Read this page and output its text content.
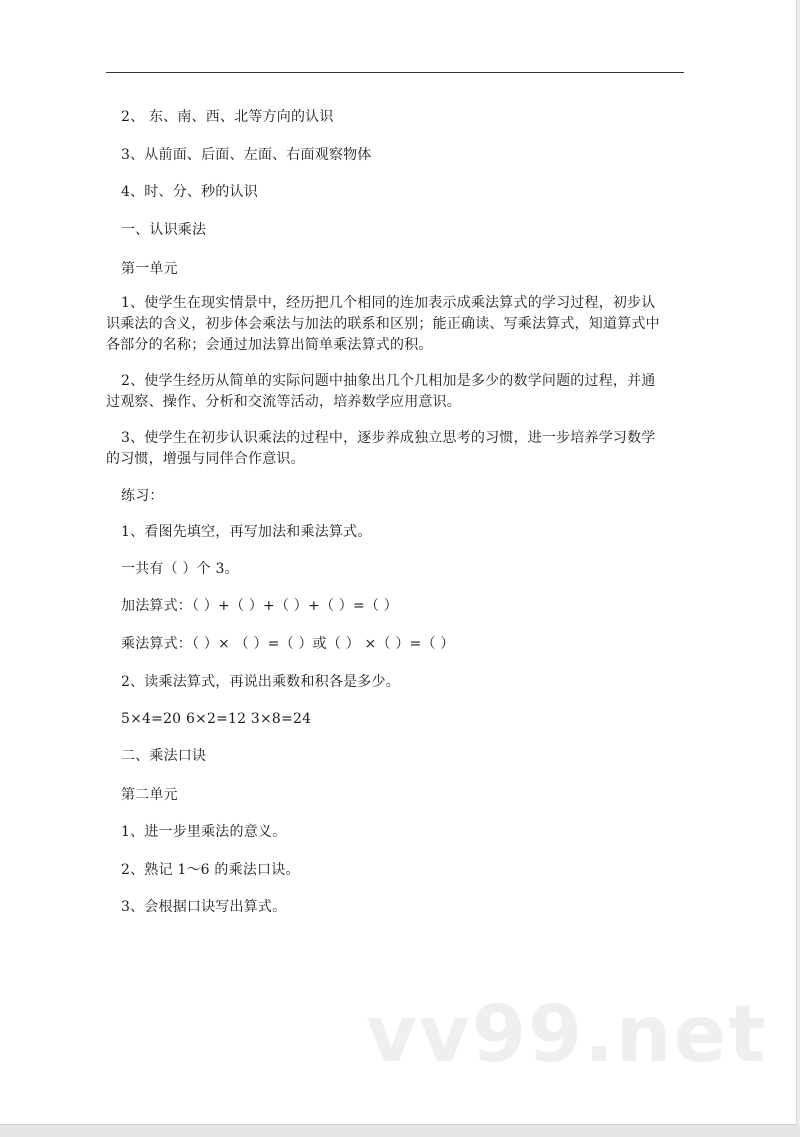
2、 东、南、西、北等方向的认识
3、从前面、后面、左面、右面观察物体
4、时、分、秒的认识
一、认识乘法
第一单元
1、使学生在现实情景中，经历把几个相同的连加表示成乘法算式的学习过程，初步认
识乘法的含义，初步体会乘法与加法的联系和区别；能正确读、写乘法算式，知道算式中
各部分的名称；会通过加法算出简单乘法算式的积。
2、使学生经历从简单的实际问题中抽象出几个几相加是多少的数学问题的过程，并通
过观察、操作、分析和交流等活动，培养数学应用意识。
3、使学生在初步认识乘法的过程中，逐步养成独立思考的习惯，进一步培养学习数学
的习惯，增强与同伴合作意识。
练习：
1、看图先填空，再写加法和乘法算式。
一共有（ ）个 3。
加法算式：（ ）+（ ）+（ ）+（ ）=（ ）
乘法算式：（ ）× （ ）=（ ）或（ ） ×（ ）=（ ）
2、读乘法算式，再说出乘数和积各是多少。
5×4=20 6×2=12 3×8=24
二、乘法口诀
第二单元
1、进一步里乘法的意义。
2、熟记 1～6 的乘法口诀。
3、会根据口诀写出算式。
vv99.net
